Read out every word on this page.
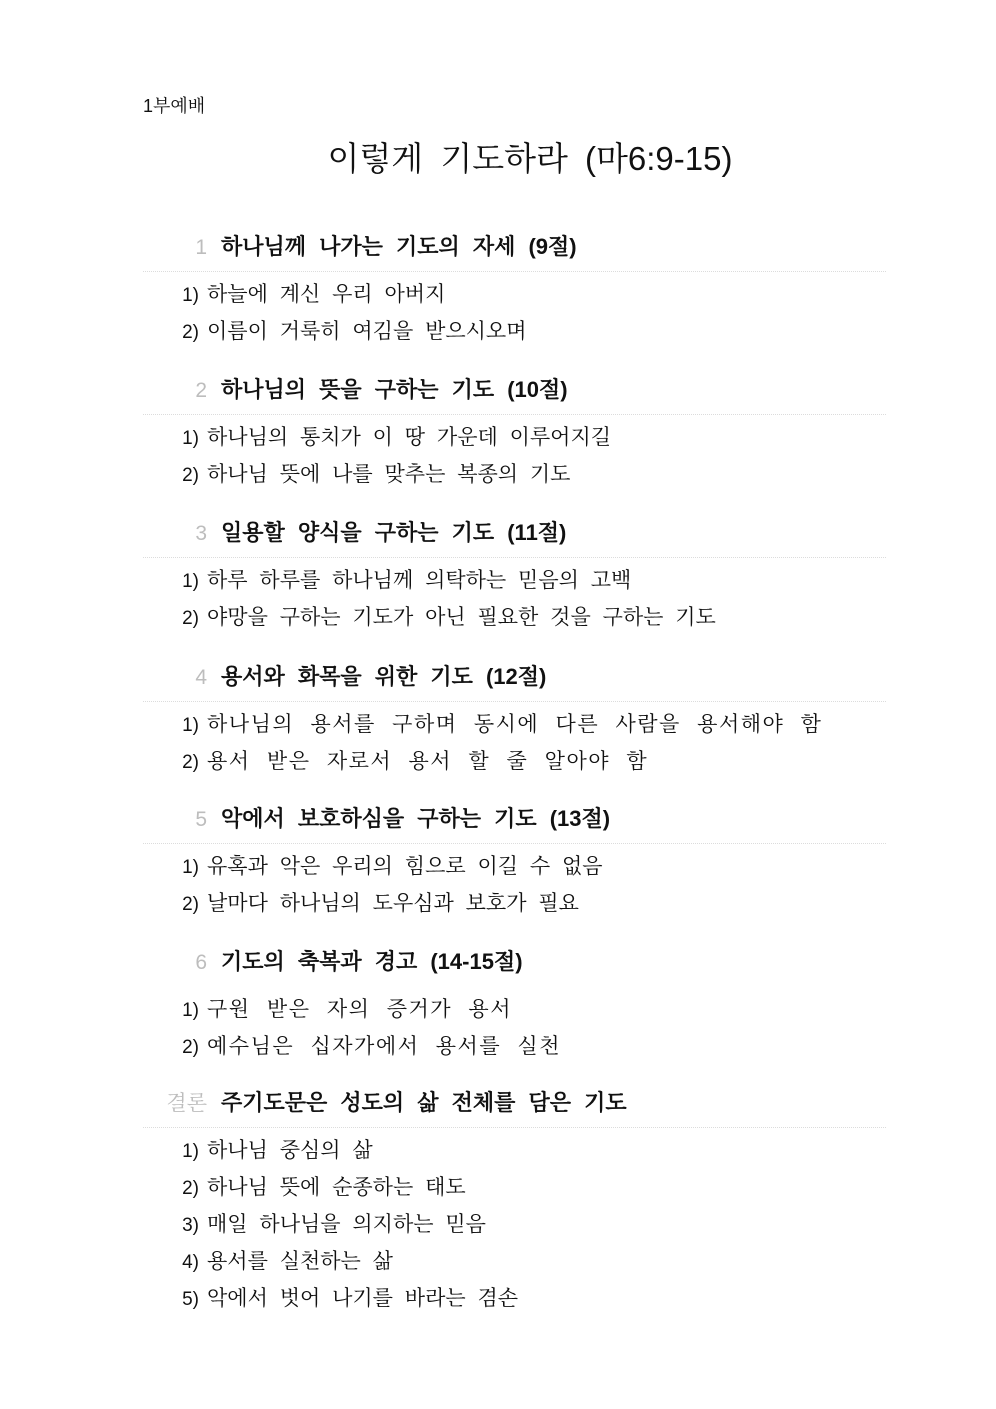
1부예배
이렇게 기도하라 (마6:9-15)
1 하나님께 나가는 기도의 자세 (9절)
1) 하늘에 계신 우리 아버지
2) 이름이 거룩히 여김을 받으시오며
2 하나님의 뜻을 구하는 기도 (10절)
1) 하나님의 통치가 이 땅 가운데 이루어지길
2) 하나님 뜻에 나를 맞추는 복종의 기도
3 일용할 양식을 구하는 기도 (11절)
1) 하루 하루를 하나님께 의탁하는 믿음의 고백
2) 야망을 구하는 기도가 아닌 필요한 것을 구하는 기도
4 용서와 화목을 위한 기도 (12절)
1) 하나님의 용서를 구하며 동시에 다른 사람을 용서해야 함
2) 용서 받은 자로서 용서 할 줄 알아야 함
5 악에서 보호하심을 구하는 기도 (13절)
1) 유혹과 악은 우리의 힘으로 이길 수 없음
2) 날마다 하나님의 도우심과 보호가 필요
6 기도의 축복과 경고 (14-15절)
1) 구원 받은 자의 증거가 용서
2) 예수님은 십자가에서 용서를 실천
결론 주기도문은 성도의 삶 전체를 담은 기도
1) 하나님 중심의 삶
2) 하나님 뜻에 순종하는 태도
3) 매일 하나님을 의지하는 믿음
4) 용서를 실천하는 삶
5) 악에서 벗어 나기를 바라는 겸손
